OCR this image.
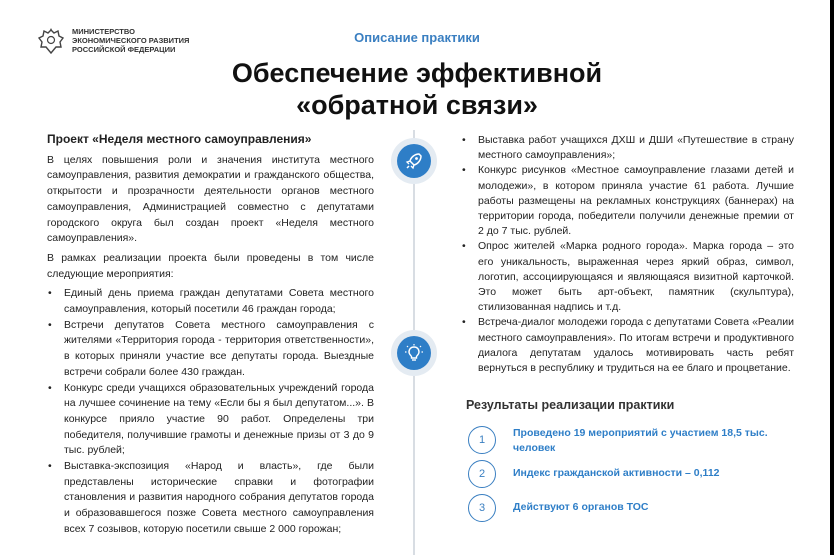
МИНИСТЕРСТВО
ЭКОНОМИЧЕСКОГО РАЗВИТИЯ
РОССИЙСКОЙ ФЕДЕРАЦИИ
Описание практики
Обеспечение эффективной
«обратной связи»
Проект «Неделя местного самоуправления»

В целях повышения роли и значения института местного самоуправления, развития демократии и гражданского общества, открытости и прозрачности деятельности органов местного самоуправления, Администрацией совместно с депутатами городского округа был создан проект «Неделя местного самоуправления».

В рамках реализации проекта были проведены в том числе следующие мероприятия:

• Единый день приема граждан депутатами Совета местного самоуправления, который посетили 46 граждан города;
• Встречи депутатов Совета местного самоуправления с жителями «Территория города - территория ответственности», в которых приняли участие все депутаты города. Выездные встречи собрали более 430 граждан.
• Конкурс среди учащихся образовательных учреждений города на лучшее сочинение на тему «Если бы я был депутатом...». В конкурсе прияло участие 90 работ. Определены три победителя, получившие грамоты и денежные призы от 3 до 9 тыс. рублей;
• Выставка-экспозиция «Народ и власть», где были представлены исторические справки и фотографии становления и развития народного собрания депутатов города и образовавшегося позже Совета местного самоуправления всех 7 созывов, которую посетили свыше 2 000 горожан;
• Выставка работ учащихся ДХШ и ДШИ «Путешествие в страну местного самоуправления»;
• Конкурс рисунков «Местное самоуправление глазами детей и молодежи», в котором приняла участие 61 работа. Лучшие работы размещены на рекламных конструкциях (баннерах) на территории города, победители получили денежные премии от 2 до 7 тыс. рублей.
• Опрос жителей «Марка родного города». Марка города – это его уникальность, выраженная через яркий образ, символ, логотип, ассоциирующаяся и являющаяся визитной карточкой. Это может быть арт-объект, памятник (скульптура), стилизованная надпись и т.д.
• Встреча-диалог молодежи города с депутатами Совета «Реалии местного самоуправления». По итогам встречи и продуктивного диалога депутатам удалось мотивировать часть ребят вернуться в республику и трудиться на ее благо и процветание.
Результаты реализации практики
1
Проведено 19 мероприятий с участием 18,5 тыс. человек
2	Индекс гражданской активности – 0,112
3	Действуют 6 органов ТОС
